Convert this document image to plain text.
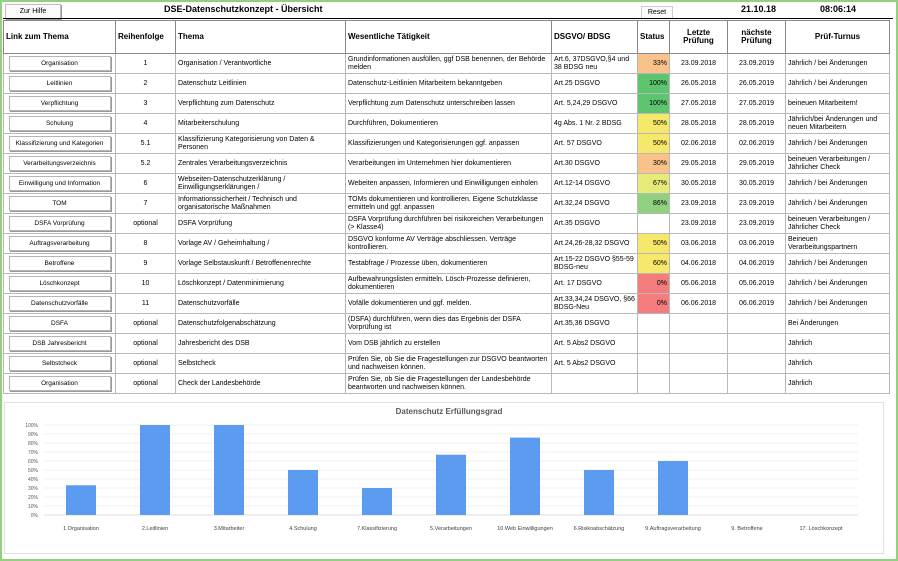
Zur Hilfe	DSE-Datenschutzkonzept - Übersicht	Reset	21.10.18	08:06:14
Link zum Thema	Reihenfolge	Thema	Wesentliche Tätigkeit	DSGVO/ BDSG	Status	Letzte Prüfung	nächste Prüfung	Prüf-Turnus

Organisation	1	Organisation / Verantwortliche	Grundinformationen ausfüllen, ggf DSB benennen, der Behörde melden	Art.6, 37DSGVO,§4 und 38 BDSG neu	33%	23.09.2018	23.09.2019	Jährlich / bei Änderungen

Leitlinien	2	Datenschutz Leitlinien	Datenschutz-Leitlinien Mitarbeitern bekanntgeben	Art.25 DSGVO	100%	26.05.2018	26.05.2019	Jährlich / bei Änderungen

Verpflichtung	3	Verpflichtung zum Datenschutz	Verpflichtung zum Datenschutz unterschreiben lassen	Art. 5,24,29 DSGVO	100%	27.05.2018	27.05.2019	beineuen Mitarbeitern!

Schulung	4	Mitarbeiterschulung	Durchführen, Dokumentieren	4g Abs. 1 Nr. 2 BDSG	50%	28.05.2018	28.05.2019	Jährlich/bei Änderungen und neuen Mitarbeitern

Klassifizierung und Kategorien	5.1	Klassifizierung Kategorisierung von Daten & Personen	Klassifizierungen und Kategorisierungen ggf. anpassen	Art. 57 DSGVO	50%	02.06.2018	02.06.2019	Jährlich / bei Änderungen

Verarbeitungsverzeichnis	5.2	Zentrales Verarbeitungsverzeichnis	Verarbeitungen im Unternehmen hier dokumentieren	Art.30 DSGVO	30%	29.05.2018	29.05.2019	beineuen Verarbeitungen / Jährlicher Check

Einwilligung und Information	6	Webseiten-Datenschutzerklärung / Einwilligungserklärungen /	Webeiten anpassen, Informieren und Einwilligungen einholen	Art.12-14 DSGVO	67%	30.05.2018	30.05.2019	Jährlich / bei Änderungen

TOM	7	Informationssicherheit / Technisch und organisatorische Maßnahmen	TOMs dokumentieren und kontrollieren. Eigene Schutzklasse ermitteln und ggf. anpassen	Art.32,24 DSGVO	86%	23.09.2018	23.09.2019	Jährlich / bei Änderungen

DSFA Vorprüfung	optional	DSFA Vorprüfung	DSFA Vorprüfung durchführen bei risikoreichen Verarbeitungen (> Klasse4)	Art.35 DSGVO		23.09.2018	23.09.2019	beineuen Verarbeitungen / Jährlicher Check

Auftragsverarbeitung	8	Vorlage AV / Geheimhaltung /	DSGVO konforme AV Verträge abschliessen. Verträge kontrollieren.	Art.24,26-28,32 DSGVO	50%	03.06.2018	03.06.2019	Beineuen Verarbeitungspartnern

Betroffene	9	Vorlage Selbstauskunft / Betroffenenrechte	Testabfrage / Prozesse üben, dokumentieren	Art.15-22 DSGVO §55-59 BDSG-neu	60%	04.06.2018	04.06.2019	Jährlich / bei Änderungen

Löschkonzept	10	Löschkonzept / Datenminimierung	Aufbewahrungslisten ermitteln. Lösch-Prozesse definieren, dokumentieren	Art. 17 DSGVO	0%	05.06.2018	05.06.2019	Jährlich / bei Änderungen

Datenschutzvorfälle	11	Datenschutzvorfälle	Vofälle dokumentieren und ggf. melden.	Art.33,34,24 DSGVO, §66 BDSG-Neu	0%	06.06.2018	06.06.2019	Jährlich / bei Änderungen

DSFA	optional	Datenschutzfolgenabschätzung	(DSFA) durchführen, wenn dies das Ergebnis der DSFA Vorprüfung ist	Art.35,36 DSGVO				Bei Änderungen

DSB Jahresbericht	optional	Jahresbericht des DSB	Vom DSB jährlich zu erstellen	Art. 5 Abs2 DSGVO				Jährlich

Selbstcheck	optional	Selbstcheck	Prüfen Sie, ob Sie die Fragestellungen zur DSGVO beantworten und nachweisen können.	Art. 5 Abs2 DSGVO				Jährlich

Organisation	optional	Check der Landesbehörde	Prüfen Sie, ob Sie die Fragestellungen der Landesbehörde beantworten und nachweisen können.					Jährlich
Datenschutz Erfüllungsgrad
0%
10%
20%
30%
40%
50%
60%
70%
80%
90%
100%
1.Organisation	2.Leitlinien	3.Mitarbeiter	4.Schulung	7.Klassifizierung	5.Verarbeitungen	10.Web Einwilligungen	6.Risikoabschätzung	9.Auftragsverarbeitung	9. Betroffene	17. Löschkonzept
